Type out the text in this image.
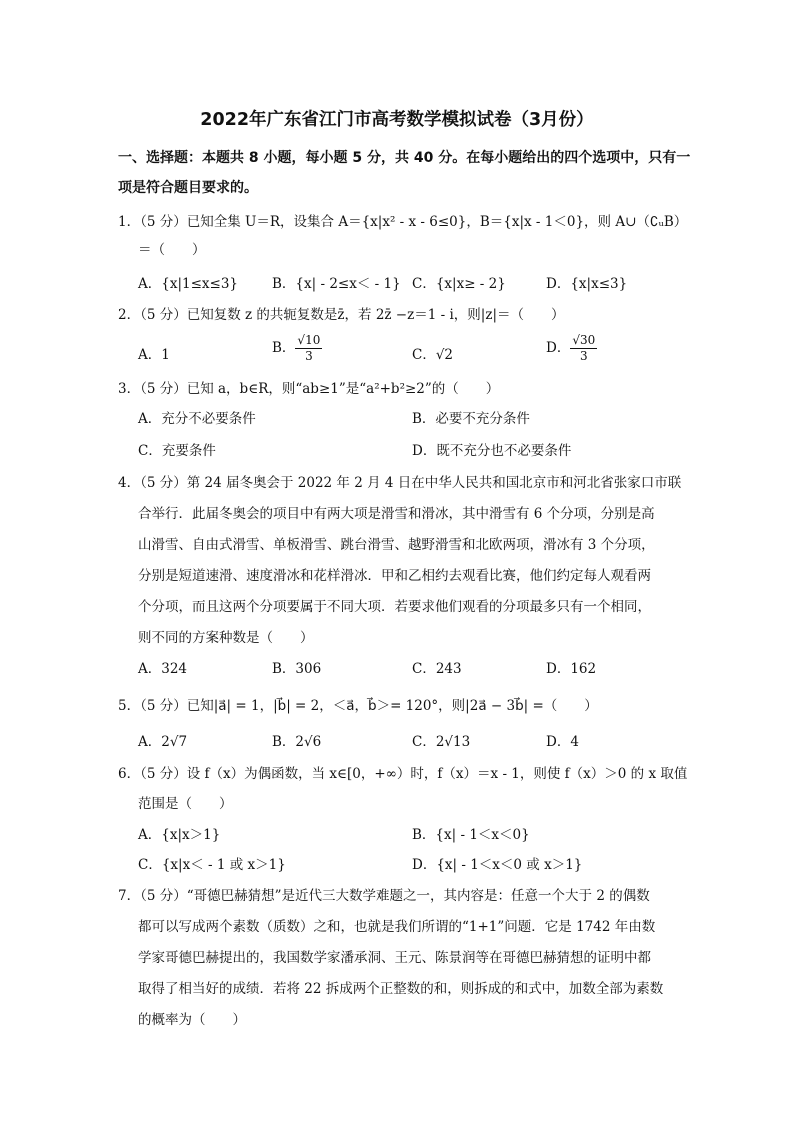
2022年广东省江门市高考数学模拟试卷（3月份）
一、选择题：本题共 8 小题，每小题 5 分，共 40 分。在每小题给出的四个选项中，只有一
项是符合题目要求的。
1．（5 分）已知全集 U＝R，设集合 A＝{x|x² - x - 6≤0}，B＝{x|x - 1＜0}，则 A∪（∁ᵤB）
＝（　　）
A．{x|1≤x≤3}	B．{x| - 2≤x＜ - 1} C．{x|x≥ - 2}	D．{x|x≤3}
2．（5 分）已知复数 z 的共轭复数是z̄，若 2z̄ −z＝1 - i，则|z|＝（　　）
A．1	B． $\frac{√10}{3}$	C．√2	D． $\frac{√30}{3}$
3．（5 分）已知 a，b∈R，则“ab≥1”是“a²+b²≥2”的（　　）
A．充分不必要条件	B．必要不充分条件
C．充要条件	D．既不充分也不必要条件
4．（5 分）第 24 届冬奥会于 2022 年 2 月 4 日在中华人民共和国北京市和河北省张家口市联
合举行．此届冬奥会的项目中有两大项是滑雪和滑冰，其中滑雪有 6 个分项，分别是高
山滑雪、自由式滑雪、单板滑雪、跳台滑雪、越野滑雪和北欧两项，滑冰有 3 个分项，
分别是短道速滑、速度滑冰和花样滑冰．甲和乙相约去观看比赛，他们约定每人观看两
个分项，而且这两个分项要属于不同大项．若要求他们观看的分项最多只有一个相同，
则不同的方案种数是（　　）
A．324	B．306	C．243	D．162
5．（5 分）已知|a⃗| = 1，|b⃗| = 2，＜a⃗，b⃗＞= 120°，则|2a⃗ − 3b⃗| =（　　）
A．2√7	B．2√6	C．2√13	D．4
6．（5 分）设 f（x）为偶函数，当 x∈[0，+∞）时，f（x）＝x - 1，则使 f（x）＞0 的 x 取值
范围是（　　）
A．{x|x＞1}	B．{x| - 1＜x＜0}
C．{x|x＜ - 1 或 x＞1}	D．{x| - 1＜x＜0 或 x＞1}
7．（5 分）“哥德巴赫猜想”是近代三大数学难题之一，其内容是：任意一个大于 2 的偶数
都可以写成两个素数（质数）之和，也就是我们所谓的“1+1”问题．它是 1742 年由数
学家哥德巴赫提出的，我国数学家潘承洞、王元、陈景润等在哥德巴赫猜想的证明中都
取得了相当好的成绩．若将 22 拆成两个正整数的和，则拆成的和式中，加数全部为素数
的概率为（　　）
